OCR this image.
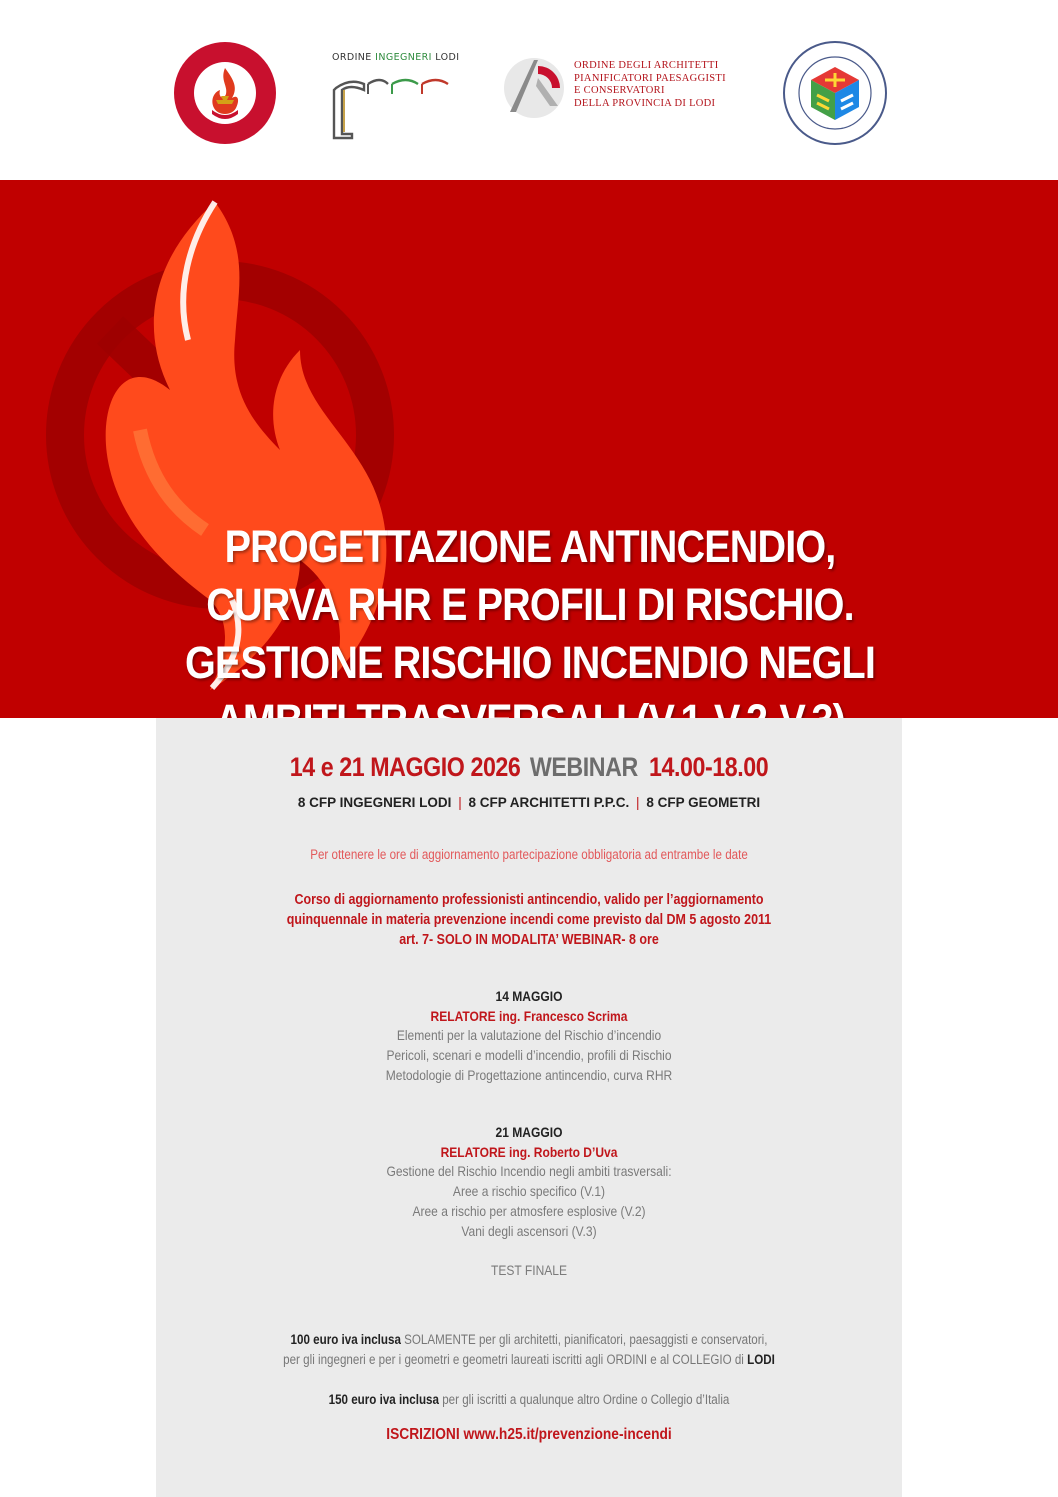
ORDINE INGEGNERI LODI
ORDINE DEGLI ARCHITETTI
PIANIFICATORI PAESAGGISTI
E CONSERVATORI
DELLA PROVINCIA DI LODI
PROGETTAZIONE ANTINCENDIO,
CURVA RHR E PROFILI DI RISCHIO.
GESTIONE RISCHIO INCENDIO NEGLI
14 e 21 MAGGIO 2026 WEBINAR 14.00-18.00
8 CFP INGEGNERI LODI | 8 CFP ARCHITETTI P.P.C. | 8 CFP GEOMETRI
Per ottenere le ore di aggiornamento partecipazione obbligatoria ad entrambe le date
Corso di aggiornamento professionisti antincendio, valido per l’aggiornamento
quinquennale in materia prevenzione incendi come previsto dal DM 5 agosto 2011
art. 7- SOLO IN MODALITA’ WEBINAR- 8 ore
14 MAGGIO
RELATORE ing. Francesco Scrima
Elementi per la valutazione del Rischio d’incendio
Pericoli, scenari e modelli d’incendio, profili di Rischio
Metodologie di Progettazione antincendio, curva RHR
21 MAGGIO
RELATORE ing. Roberto D’Uva
Gestione del Rischio Incendio negli ambiti trasversali:
Aree a rischio specifico (V.1)
Aree a rischio per atmosfere esplosive (V.2)
Vani degli ascensori (V.3)
TEST FINALE
100 euro iva inclusa SOLAMENTE per gli architetti, pianificatori, paesaggisti e conservatori,
per gli ingegneri e per i geometri e geometri laureati iscritti agli ORDINI e al COLLEGIO di LODI
150 euro iva inclusa per gli iscritti a qualunque altro Ordine o Collegio d’Italia
ISCRIZIONI www.h25.it/prevenzione-incendi
